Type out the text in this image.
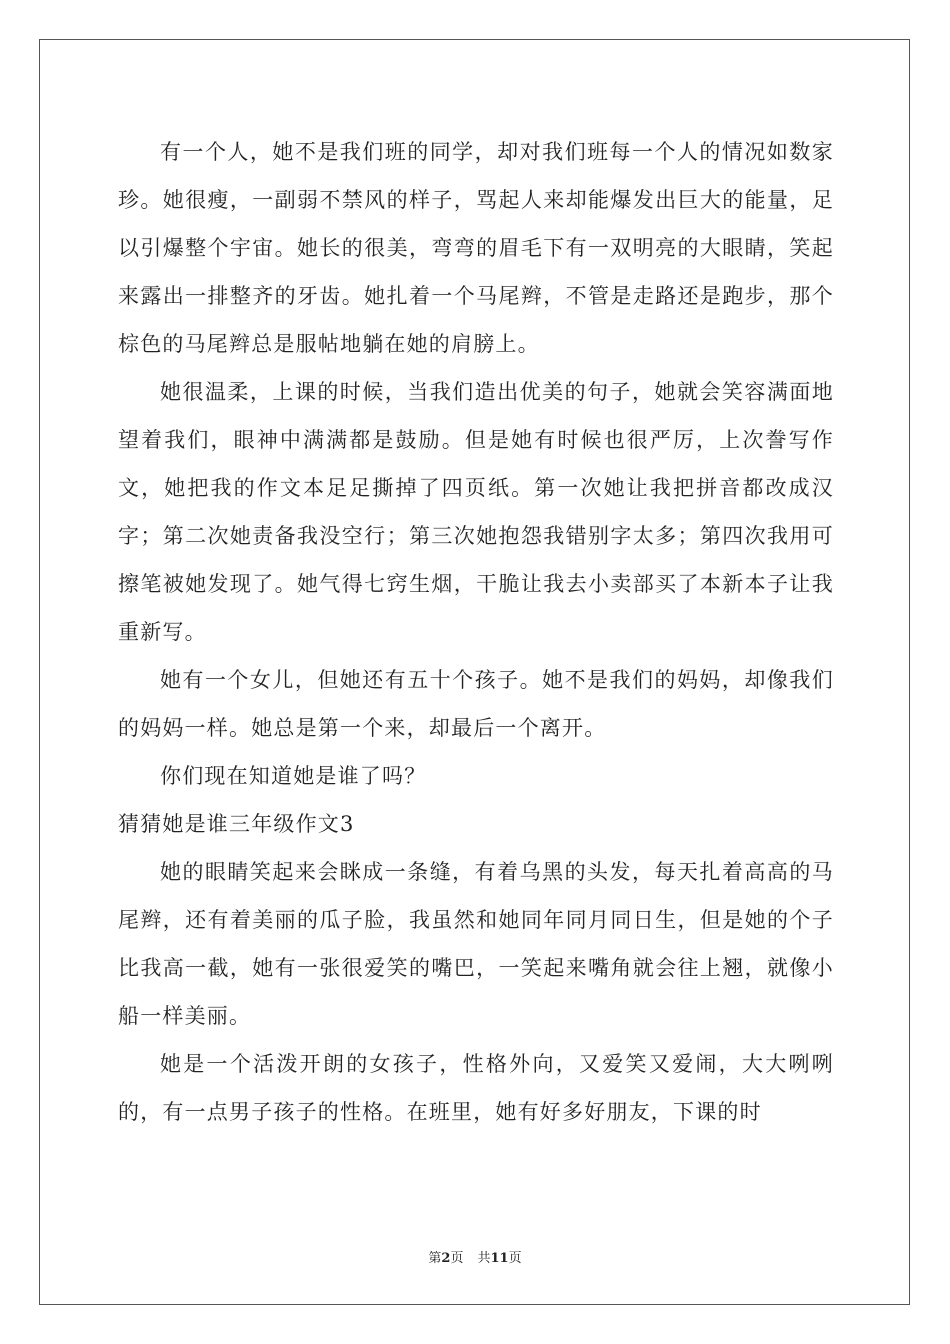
有一个人，她不是我们班的同学，却对我们班每一个人的情况如数家珍。她很瘦，一副弱不禁风的样子，骂起人来却能爆发出巨大的能量，足以引爆整个宇宙。她长的很美，弯弯的眉毛下有一双明亮的大眼睛，笑起来露出一排整齐的牙齿。她扎着一个马尾辫，不管是走路还是跑步，那个棕色的马尾辫总是服帖地躺在她的肩膀上。

她很温柔，上课的时候，当我们造出优美的句子，她就会笑容满面地望着我们，眼神中满满都是鼓励。但是她有时候也很严厉，上次誊写作文，她把我的作文本足足撕掉了四页纸。第一次她让我把拼音都改成汉字；第二次她责备我没空行；第三次她抱怨我错别字太多；第四次我用可擦笔被她发现了。她气得七窍生烟，干脆让我去小卖部买了本新本子让我重新写。

她有一个女儿，但她还有五十个孩子。她不是我们的妈妈，却像我们的妈妈一样。她总是第一个来，却最后一个离开。

你们现在知道她是谁了吗？

猜猜她是谁三年级作文3

她的眼睛笑起来会眯成一条缝，有着乌黑的头发，每天扎着高高的马尾辫，还有着美丽的瓜子脸，我虽然和她同年同月同日生，但是她的个子比我高一截，她有一张很爱笑的嘴巴，一笑起来嘴角就会往上翘，就像小船一样美丽。

她是一个活泼开朗的女孩子，性格外向，又爱笑又爱闹，大大咧咧的，有一点男子孩子的性格。在班里，她有好多好朋友，下课的时

第2页 共11页
